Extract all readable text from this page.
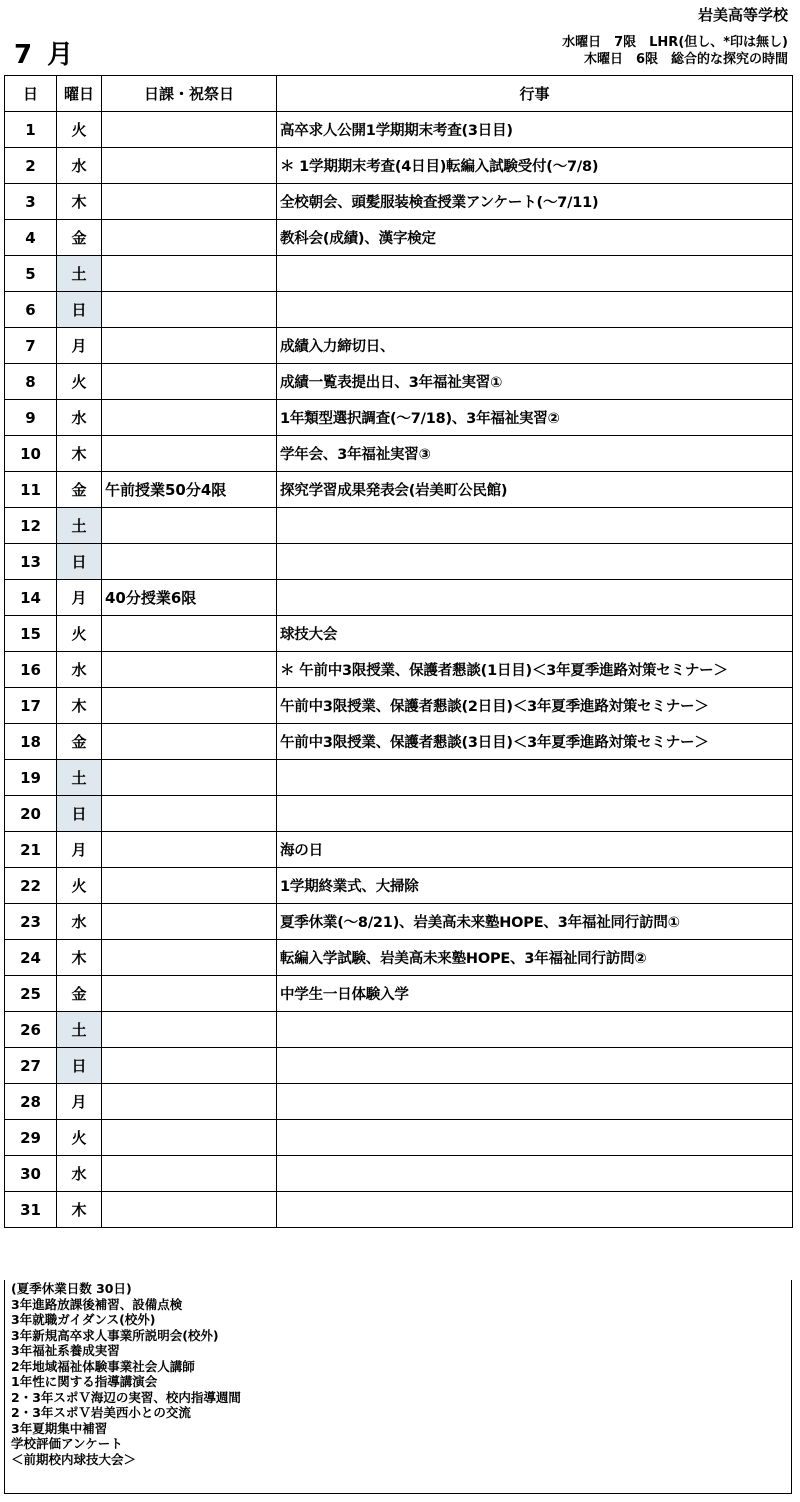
岩美高等学校
7 月	水曜日　7限　LHR(但し、*印は無し)
木曜日　6限　総合的な探究の時間
日	曜日	日課・祝祭日	行事
1	火		高卒求人公開1学期期末考査(3日目)
2	水		＊ 1学期期末考査(4日目)転編入試験受付(～7/8)
3	木		全校朝会、頭髪服装検査授業アンケート(～7/11)
4	金		教科会(成績)、漢字検定
5	土		
6	日		
7	月		成績入力締切日、
8	火		成績一覧表提出日、3年福祉実習①
9	水		1年類型選択調査(～7/18)、3年福祉実習②
10	木		学年会、3年福祉実習③
11	金	午前授業50分4限	探究学習成果発表会(岩美町公民館)
12	土		
13	日		
14	月	40分授業6限	
15	火		球技大会
16	水		＊ 午前中3限授業、保護者懇談(1日目)＜3年夏季進路対策セミナー＞
17	木		午前中3限授業、保護者懇談(2日目)＜3年夏季進路対策セミナー＞
18	金		午前中3限授業、保護者懇談(3日目)＜3年夏季進路対策セミナー＞
19	土		
20	日		
21	月		海の日
22	火		1学期終業式、大掃除
23	水		夏季休業(～8/21)、岩美高未来塾HOPE、3年福祉同行訪問①
24	木		転編入学試験、岩美高未来塾HOPE、3年福祉同行訪問②
25	金		中学生一日体験入学
26	土		
27	日		
28	月		
29	火		
30	水		
31	木		
(夏季休業日数 30日)
3年進路放課後補習、設備点検
3年就職ガイダンス(校外)
3年新規高卒求人事業所説明会(校外)
3年福祉系養成実習
2年地域福祉体験事業社会人講師
1年性に関する指導講演会
2・3年スポＶ海辺の実習、校内指導週間
2・3年スポＶ岩美西小との交流
3年夏期集中補習
学校評価アンケート
＜前期校内球技大会＞
